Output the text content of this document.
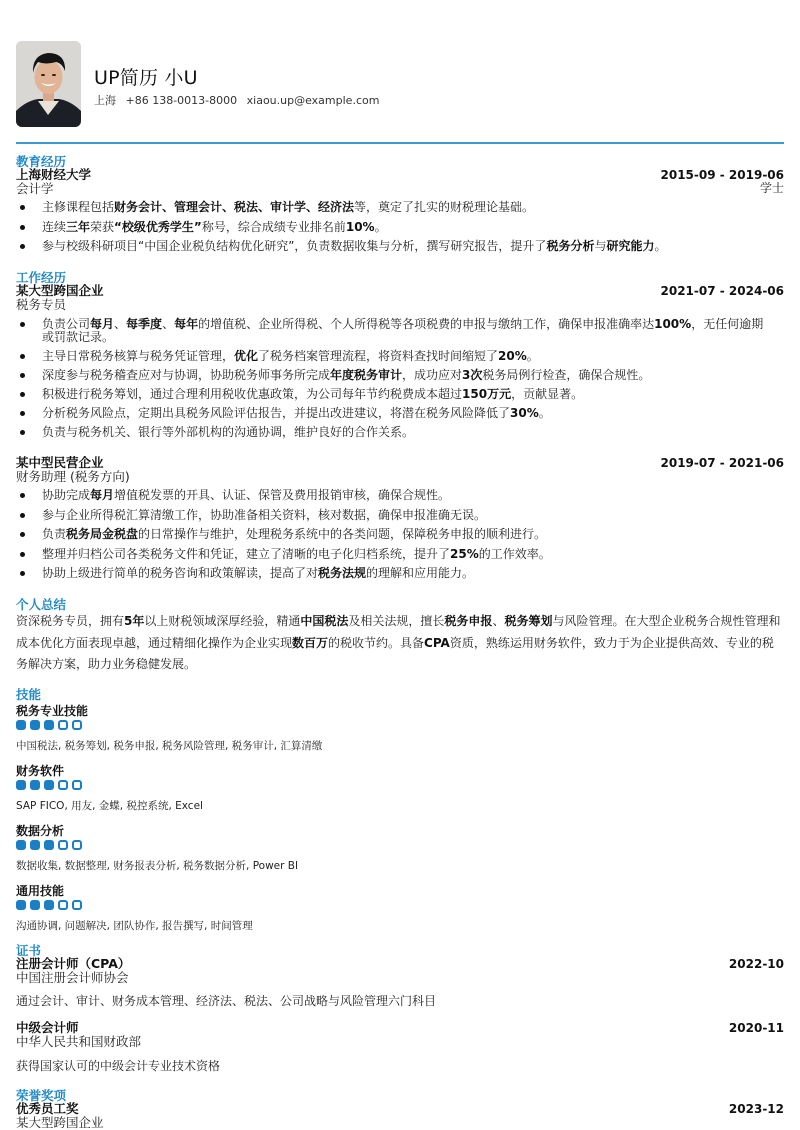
UP简历 小U
上海 +86 138-0013-8000 xiaou.up@example.com
教育经历
上海财经大学
会计学
2015-09 - 2019-06
学士
主修课程包括财务会计、管理会计、税法、审计学、经济法等，奠定了扎实的财税理论基础。
连续三年荣获“校级优秀学生”称号，综合成绩专业排名前10%。
参与校级科研项目“中国企业税负结构优化研究”，负责数据收集与分析，撰写研究报告，提升了税务分析与研究能力。
工作经历
某大型跨国企业
税务专员
2021-07 - 2024-06
负责公司每月、每季度、每年的增值税、企业所得税、个人所得税等各项税费的申报与缴纳工作，确保申报准确率达100%，无任何逾期或罚款记录。
主导日常税务核算与税务凭证管理，优化了税务档案管理流程，将资料查找时间缩短了20%。
深度参与税务稽查应对与协调，协助税务师事务所完成年度税务审计，成功应对3次税务局例行检查，确保合规性。
积极进行税务筹划，通过合理利用税收优惠政策，为公司每年节约税费成本超过150万元，贡献显著。
分析税务风险点，定期出具税务风险评估报告，并提出改进建议，将潜在税务风险降低了30%。
负责与税务机关、银行等外部机构的沟通协调，维护良好的合作关系。
某中型民营企业
财务助理 (税务方向)
2019-07 - 2021-06
协助完成每月增值税发票的开具、认证、保管及费用报销审核，确保合规性。
参与企业所得税汇算清缴工作，协助准备相关资料，核对数据，确保申报准确无误。
负责税务局金税盘的日常操作与维护，处理税务系统中的各类问题，保障税务申报的顺利进行。
整理并归档公司各类税务文件和凭证，建立了清晰的电子化归档系统，提升了25%的工作效率。
协助上级进行简单的税务咨询和政策解读，提高了对税务法规的理解和应用能力。
个人总结
资深税务专员，拥有5年以上财税领域深厚经验，精通中国税法及相关法规，擅长税务申报、税务筹划与风险管理。在大型企业税务合规性管理和成本优化方面表现卓越，通过精细化操作为企业实现数百万的税收节约。具备CPA资质，熟练运用财务软件，致力于为企业提供高效、专业的税务解决方案，助力业务稳健发展。
技能
税务专业技能
中国税法, 税务筹划, 税务申报, 税务风险管理, 税务审计, 汇算清缴
财务软件
SAP FICO, 用友, 金蝶, 税控系统, Excel
数据分析
数据收集, 数据整理, 财务报表分析, 税务数据分析, Power BI
通用技能
沟通协调, 问题解决, 团队协作, 报告撰写, 时间管理
证书
注册会计师（CPA）
中国注册会计师协会
2022-10
通过会计、审计、财务成本管理、经济法、税法、公司战略与风险管理六门科目
中级会计师
中华人民共和国财政部
2020-11
获得国家认可的中级会计专业技术资格
荣誉奖项
优秀员工奖
某大型跨国企业
2023-12
